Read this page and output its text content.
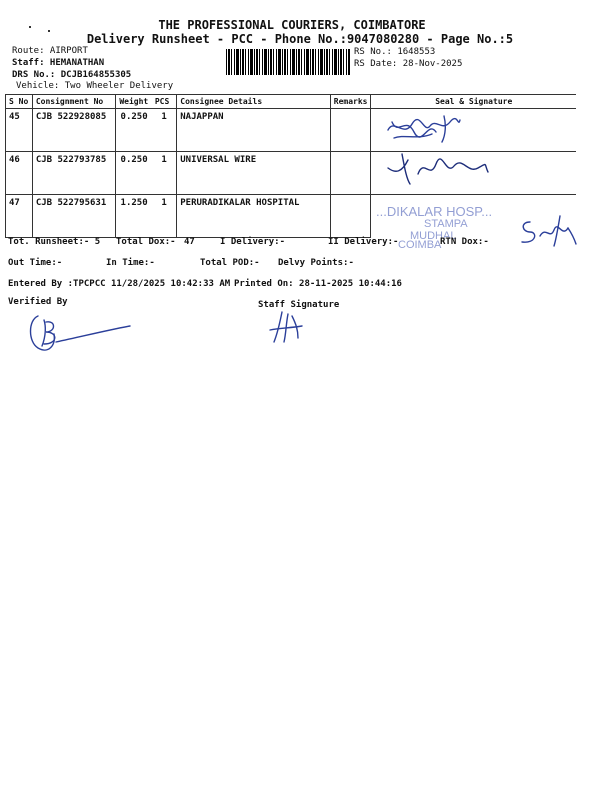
THE PROFESSIONAL COURIERS, COIMBATORE
Delivery Runsheet - PCC - Phone No.:9047080280 - Page No.:5
Route: AIRPORT
Staff: HEMANATHAN
DRS No.: DCJB164855305
Vehicle: Two Wheeler Delivery
RS No.: 1648553
RS Date: 28-Nov-2025
S No	Consignment No	Weight	PCS	Consignee Details	Remarks	Seal & Signature
45	CJB 522928085	0.250	1	NAJAPPAN		
46	CJB 522793785	0.250	1	UNIVERSAL WIRE		
47	CJB 522795631	1.250	1	PERURADIKALAR HOSPITAL		
...DIKALAR HOSP...
STAMPA
MUDHAL
COIMBA
Tot. Runsheet:- 5 Total Dox:- 47	I Delivery:-	II Delivery:-	RTN Dox:-
Out Time:-	In Time:-	Total POD:- Delvy Points:-
Entered By :TPCPCC 11/28/2025 10:42:33 AM Printed On: 28-11-2025 10:44:16
Verified By	Staff Signature
